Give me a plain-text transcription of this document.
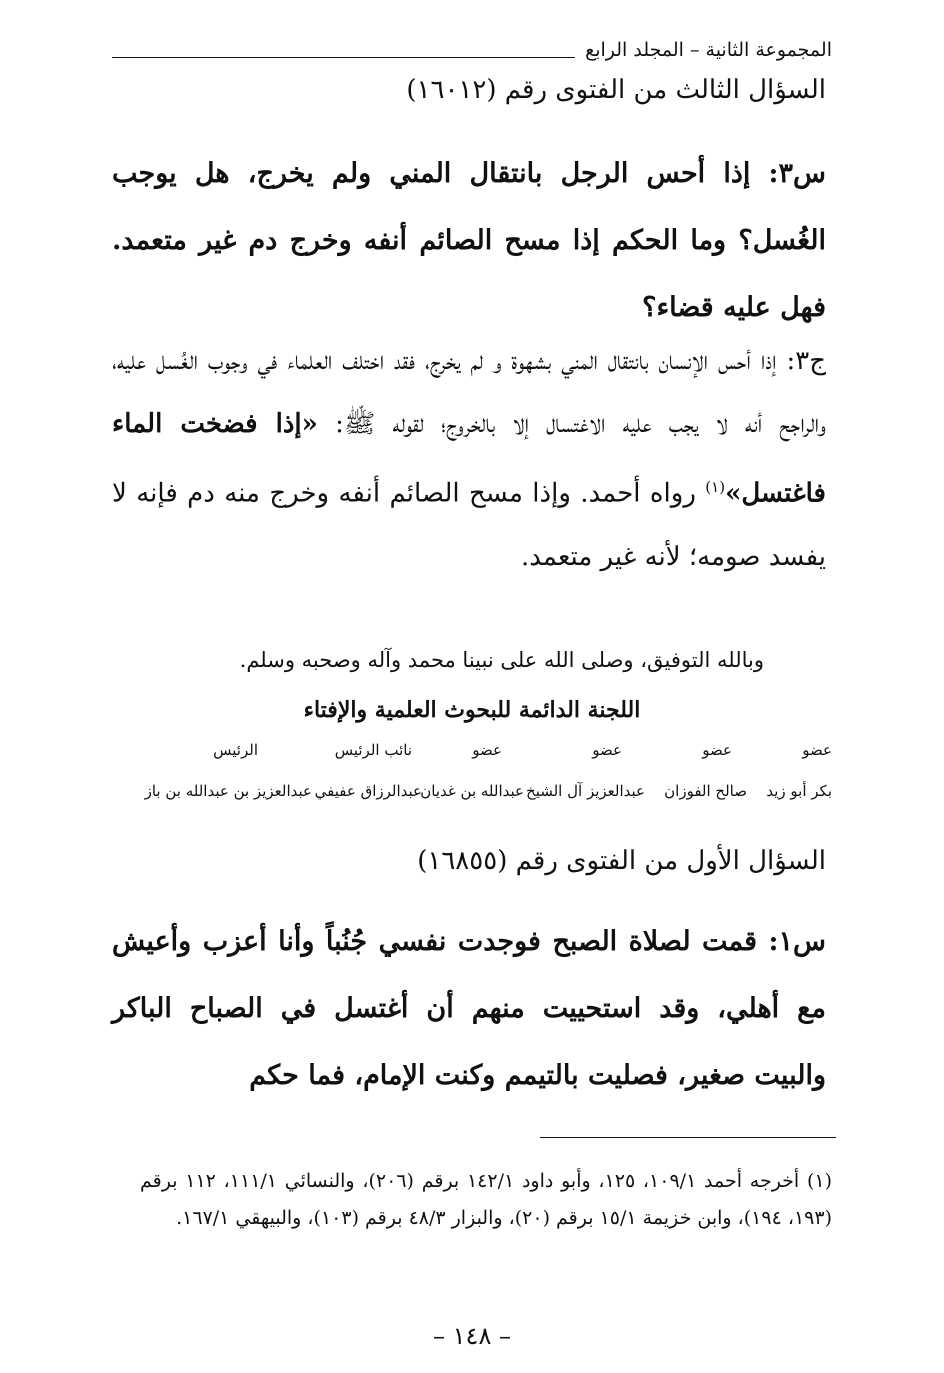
المجموعة الثانية – المجلد الرابع
السؤال الثالث من الفتوى رقم (١٦٠١٢)
س٣: إذا أحس الرجل بانتقال المني ولم يخرج، هل يوجب الغُسل؟ وما الحكم إذا مسح الصائم أنفه وخرج دم غير متعمد. فهل عليه قضاء؟
ج٣: إذا أحس الإنسان بانتقال المني بشهوة و لم يخرج، فقد اختلف العلماء في وجوب الغُسل عليه، والراجح أنه لا يجب عليه الاغتسال إلا بالخروج؛ لقوله ﷺ: «إذا فضخت الماء فاغتسل»$^{(١)}$ رواه أحمد. وإذا مسح الصائم أنفه وخرج منه دم فإنه لا يفسد صومه؛ لأنه غير متعمد.
وبالله التوفيق، وصلى الله على نبينا محمد وآله وصحبه وسلم.
اللجنة الدائمة للبحوث العلمية والإفتاء
عضو
عضو
عضو
عضو
نائب الرئيس
الرئيس
بكر أبو زيد
صالح الفوزان
عبدالعزيز آل الشيخ
عبدالله بن غديان
عبدالرزاق عفيفي
عبدالعزيز بن عبدالله بن باز
السؤال الأول من الفتوى رقم (١٦٨٥٥)
س١: قمت لصلاة الصبح فوجدت نفسي جُنُباً وأنا أعزب وأعيش مع أهلي، وقد استحييت منهم أن أغتسل في الصباح الباكر والبيت صغير، فصليت بالتيمم وكنت الإمام، فما حكم
(١) أخرجه أحمد ١٠٩/١، ١٢٥، وأبو داود ١٤٢/١ برقم (٢٠٦)، والنسائي ١١١/١، ١١٢ برقم (١٩٣، ١٩٤)، وابن خزيمة ١٥/١ برقم (٢٠)، والبزار ٤٨/٣ برقم (١٠٣)، والبيهقي ١٦٧/١.
– ١٤٨ –
